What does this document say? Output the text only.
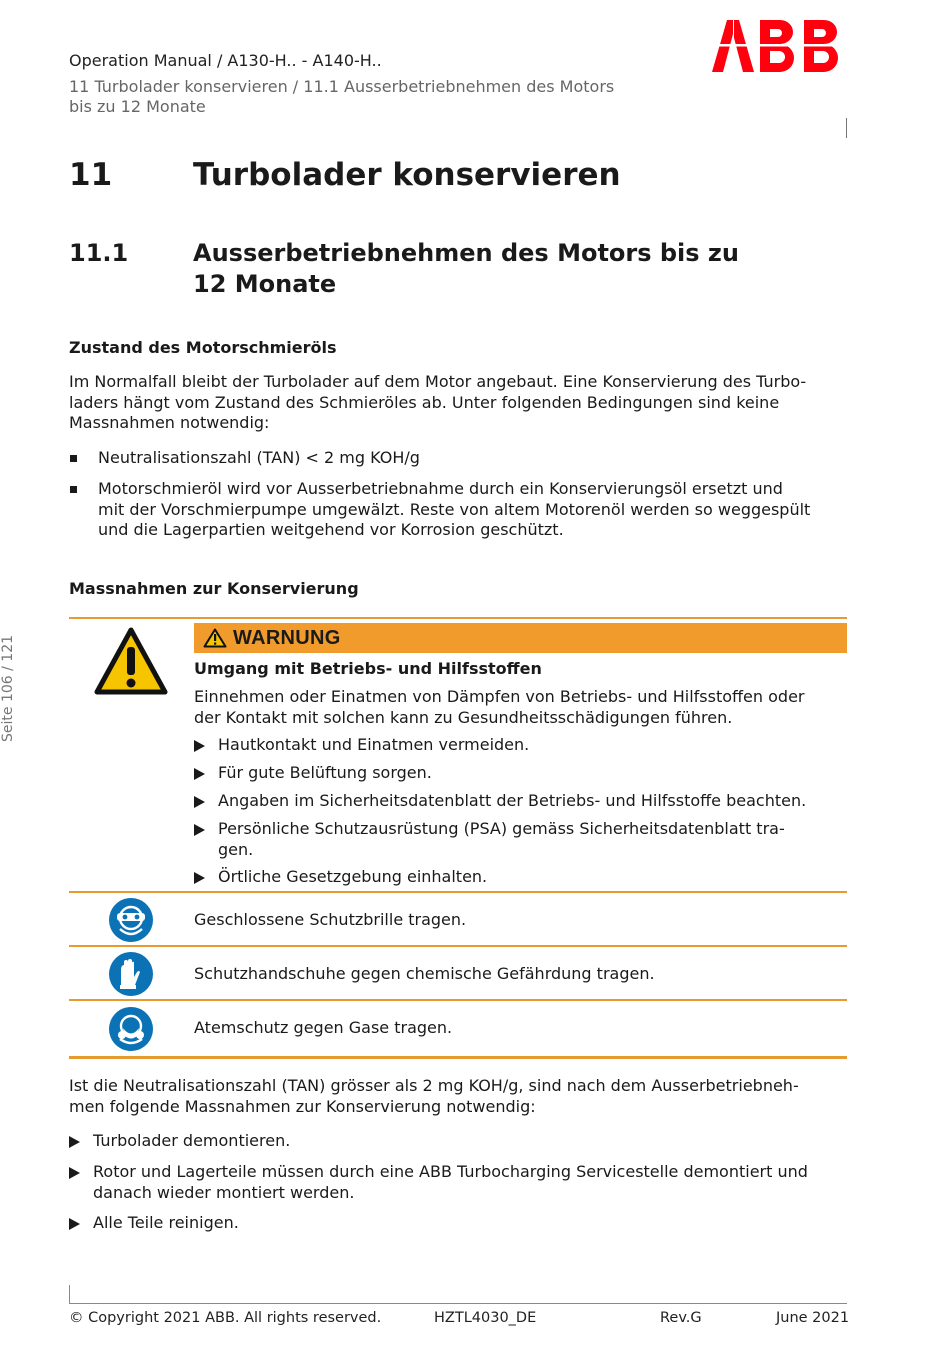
Operation Manual / A130-H.. - A140-H..
11 Turbolader konservieren / 11.1 Ausserbetriebnehmen des Motors
bis zu 12 Monate
11	Turbolader konservieren
11.1	Ausserbetriebnehmen des Motors bis zu
12 Monate
Zustand des Motorschmieröls
Im Normalfall bleibt der Turbolader auf dem Motor angebaut. Eine Konservierung des Turbo-
laders hängt vom Zustand des Schmieröles ab. Unter folgenden Bedingungen sind keine
Massnahmen notwendig:
Neutralisationszahl (TAN) < 2 mg KOH/g
Motorschmieröl wird vor Ausserbetriebnahme durch ein Konservierungsöl ersetzt und
mit der Vorschmierpumpe umgewälzt. Reste von altem Motorenöl werden so weggespült
und die Lagerpartien weitgehend vor Korrosion geschützt.
Massnahmen zur Konservierung
WARNUNG
Umgang mit Betriebs- und Hilfsstoffen
Einnehmen oder Einatmen von Dämpfen von Betriebs- und Hilfsstoffen oder
der Kontakt mit solchen kann zu Gesundheitsschädigungen führen.
Hautkontakt und Einatmen vermeiden.
Für gute Belüftung sorgen.
Angaben im Sicherheitsdatenblatt der Betriebs- und Hilfsstoffe beachten.
Persönliche Schutzausrüstung (PSA) gemäss Sicherheitsdatenblatt tra-
gen.
Örtliche Gesetzgebung einhalten.
Geschlossene Schutzbrille tragen.
Schutzhandschuhe gegen chemische Gefährdung tragen.
Atemschutz gegen Gase tragen.
Ist die Neutralisationszahl (TAN) grösser als 2 mg KOH/g, sind nach dem Ausserbetriebneh-
men folgende Massnahmen zur Konservierung notwendig:
Turbolader demontieren.
Rotor und Lagerteile müssen durch eine ABB Turbocharging Servicestelle demontiert und
danach wieder montiert werden.
Alle Teile reinigen.
© Copyright 2021 ABB. All rights reserved.	HZTL4030_DE	Rev.G	June 2021
Seite 106 / 121
